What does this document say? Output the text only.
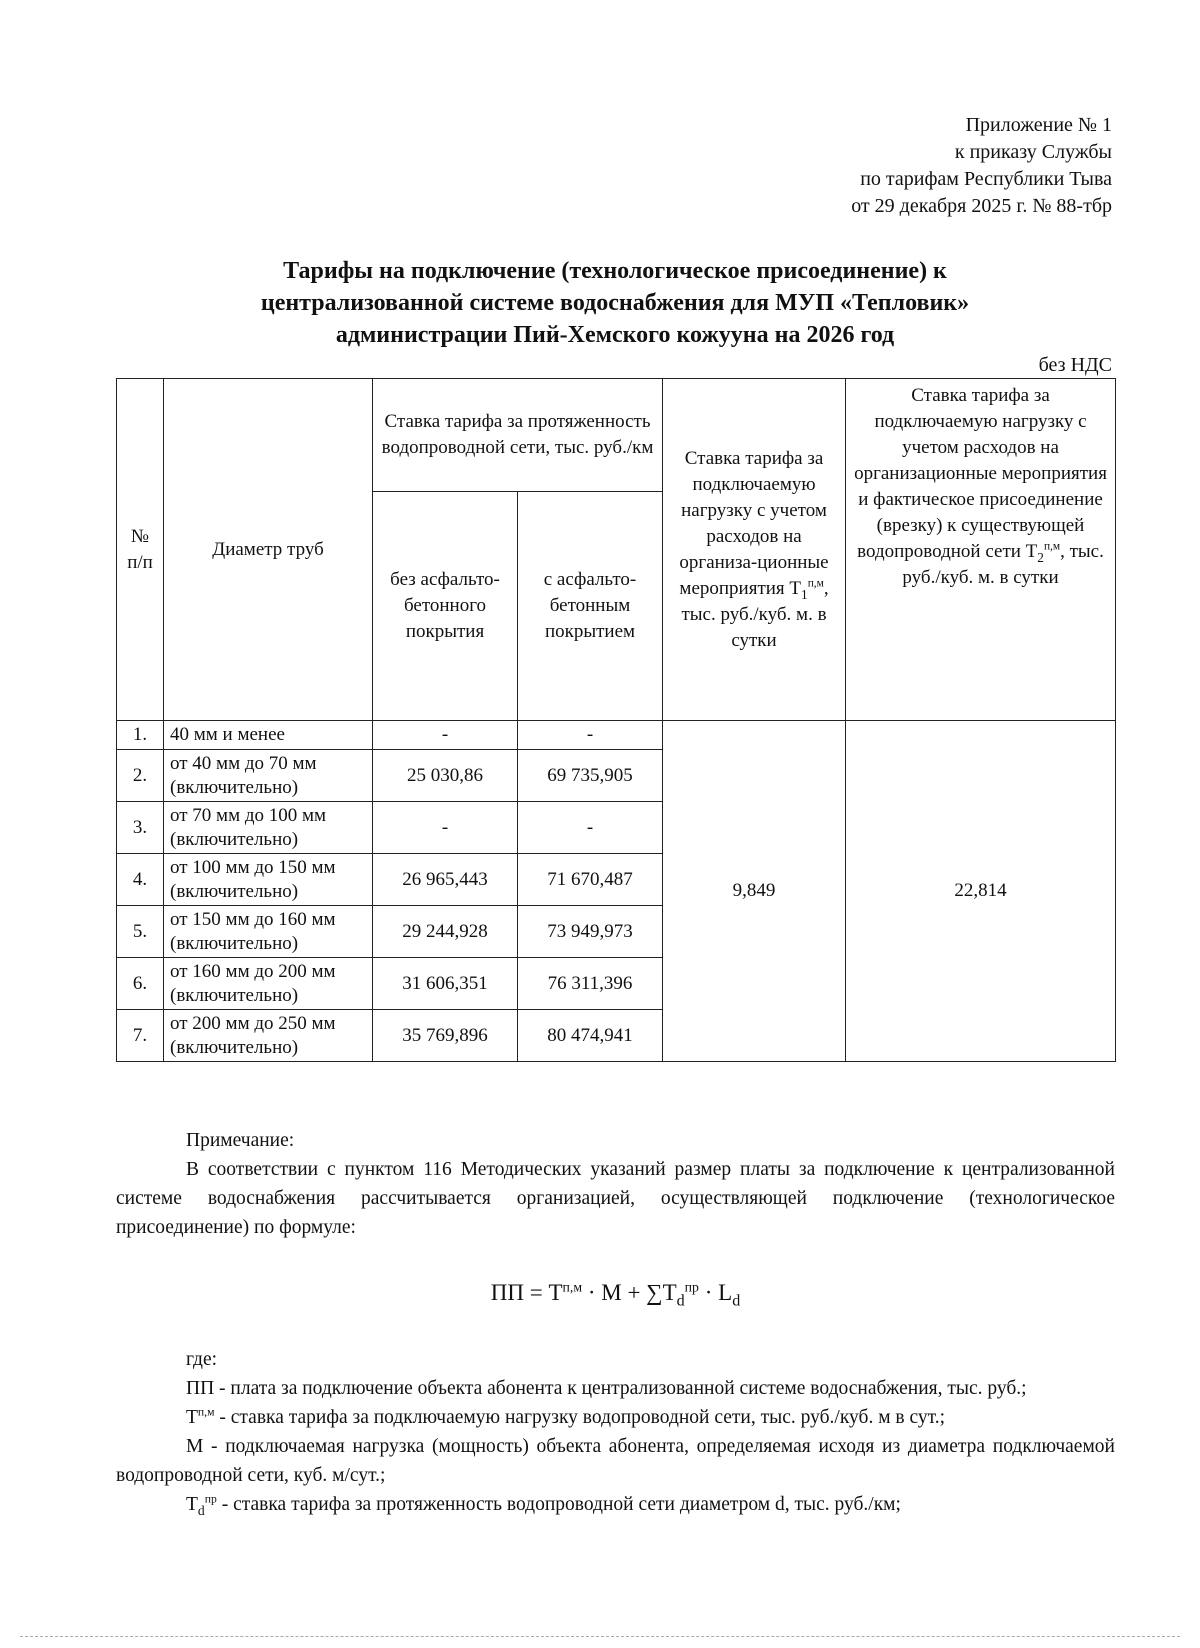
Приложение № 1
к приказу Службы
по тарифам Республики Тыва
от 29 декабря 2025 г. № 88-тбр
Тарифы на подключение (технологическое присоединение) к
централизованной системе водоснабжения для МУП «Тепловик»
администрации Пий-Хемского кожууна на 2026 год
без НДС
№ п/п	Диаметр труб	Ставка тарифа за протяженность водопроводной сети, тыс. руб./км		Ставка тарифа за подключаемую нагрузку с учетом расходов на организа-ционные мероприятия $Т_1^{п,м}$, тыс. руб./куб. м. в сутки	Ставка тарифа за подключаемую нагрузку с учетом расходов на организационные мероприятия и фактическое присоединение (врезку) к существующей водопроводной сети $Т_2^{п,м}$, тыс. руб./куб. м. в сутки
		без асфальто-бетонного покрытия	с асфальто-бетонным покрытием		
1.	40 мм и менее	-	-	9,849	22,814
2.	от 40 мм до 70 мм (включительно)	25 030,86	69 735,905		
3.	от 70 мм до 100 мм (включительно)	-	-		
4.	от 100 мм до 150 мм (включительно)	26 965,443	71 670,487		
5.	от 150 мм до 160 мм (включительно)	29 244,928	73 949,973		
6.	от 160 мм до 200 мм (включительно)	31 606,351	76 311,396		
7.	от 200 мм до 250 мм (включительно)	35 769,896	80 474,941		

Примечание:

В соответствии с пунктом 116 Методических указаний размер платы за подключение к централизованной системе водоснабжения рассчитывается организацией, осуществляющей подключение (технологическое присоединение) по формуле:

ПП = $Т^{п,м} \cdot М + \sum Т_d^{пр} \cdot L_d$

где:

ПП - плата за подключение объекта абонента к централизованной системе водоснабжения, тыс. руб.;

$Т^{п,м}$ - ставка тарифа за подключаемую нагрузку водопроводной сети, тыс. руб./куб. м в сут.;

М - подключаемая нагрузка (мощность) объекта абонента, определяемая исходя из диаметра подключаемой водопроводной сети, куб. м/сут.;

$Т_d^{пр}$ - ставка тарифа за протяженность водопроводной сети диаметром d, тыс. руб./км;
